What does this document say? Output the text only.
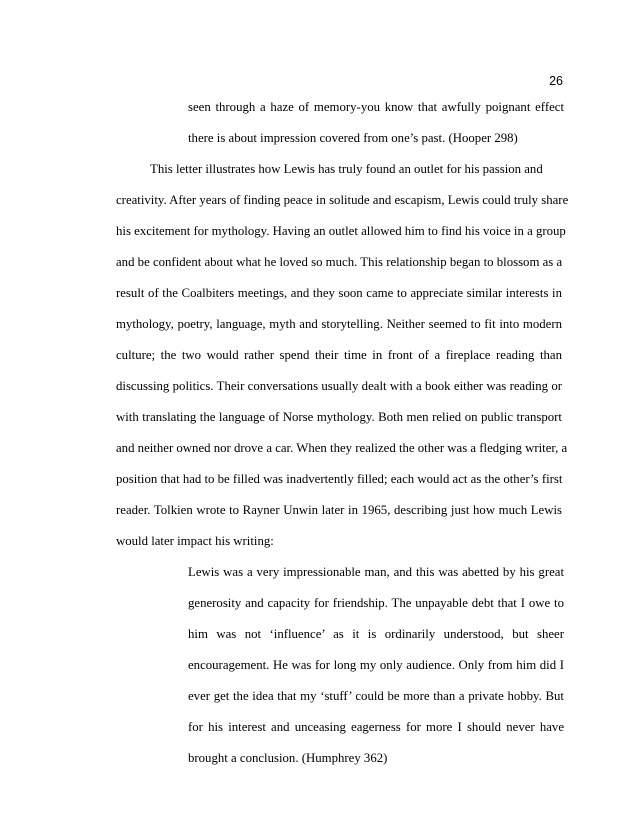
26
seen through a haze of memory-you know that awfully poignant effect
there is about impression covered from one’s past. (Hooper 298)
This letter illustrates how Lewis has truly found an outlet for his passion and
creativity. After years of finding peace in solitude and escapism, Lewis could truly share
his excitement for mythology. Having an outlet allowed him to find his voice in a group
and be confident about what he loved so much. This relationship began to blossom as a
result of the Coalbiters meetings, and they soon came to appreciate similar interests in
mythology, poetry, language, myth and storytelling. Neither seemed to fit into modern
culture; the two would rather spend their time in front of a fireplace reading than
discussing politics. Their conversations usually dealt with a book either was reading or
with translating the language of Norse mythology. Both men relied on public transport
and neither owned nor drove a car. When they realized the other was a fledging writer, a
position that had to be filled was inadvertently filled; each would act as the other’s first
reader. Tolkien wrote to Rayner Unwin later in 1965, describing just how much Lewis
would later impact his writing:
Lewis was a very impressionable man, and this was abetted by his great
generosity and capacity for friendship. The unpayable debt that I owe to
him was not ‘influence’ as it is ordinarily understood, but sheer
encouragement. He was for long my only audience. Only from him did I
ever get the idea that my ‘stuff’ could be more than a private hobby. But
for his interest and unceasing eagerness for more I should never have
brought a conclusion. (Humphrey 362)
